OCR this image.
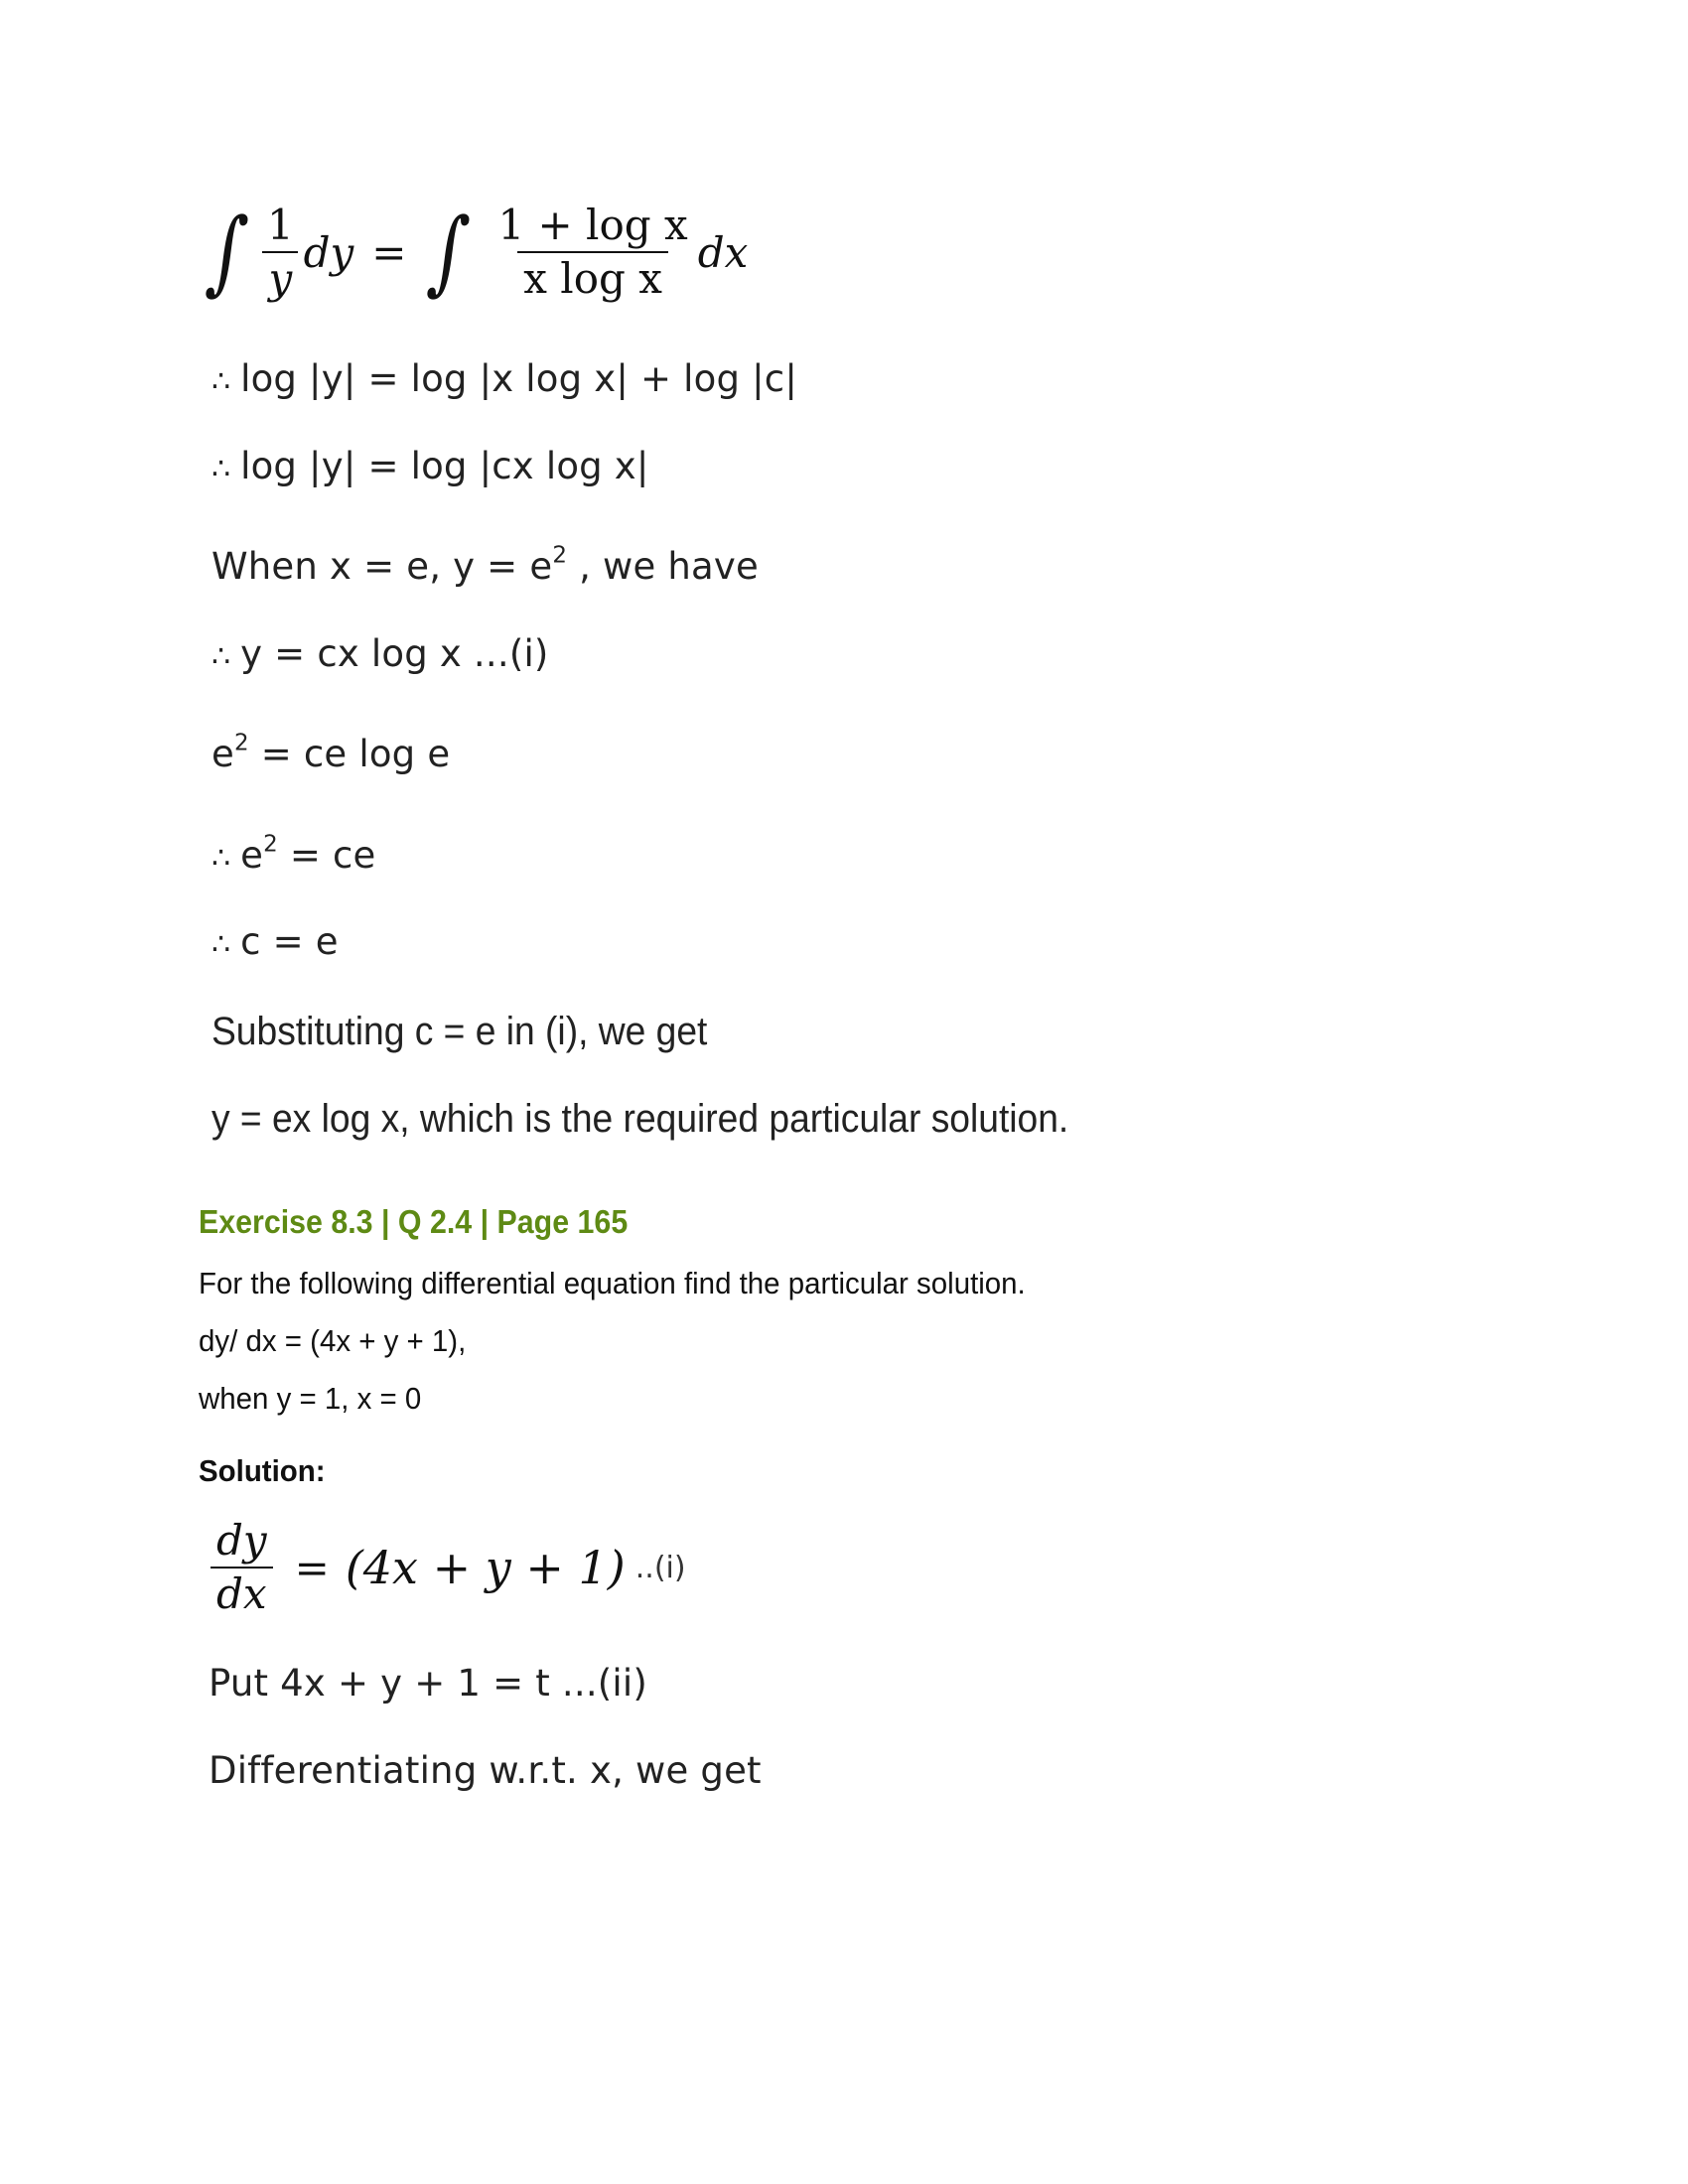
∫ $\frac{1}{y}$ dy = ∫ $\frac{\text{1 + log x}}{\text{x log x}}$ dx
∴ log |y| = log |x log x| + log |c|
∴ log |y| = log |cx log x|
When x = e, $y = e^2$ , we have
∴ y = cx log x ...(i)
$e^2$ = ce log e
∴ $e^2$ = ce
∴ c = e
Substituting c = e in (i), we get
y = ex log x, which is the required particular solution.
Exercise 8.3 | Q 2.4 | Page 165
For the following differential equation find the particular solution.
dy/ dx = (4x + y + 1),
when y = 1, x = 0
Solution:
$\frac{dy}{dx} = (4x + y + 1)$ ..(i)
Put 4x + y + 1 = t ...(ii)
Differentiating w.r.t. x, we get
